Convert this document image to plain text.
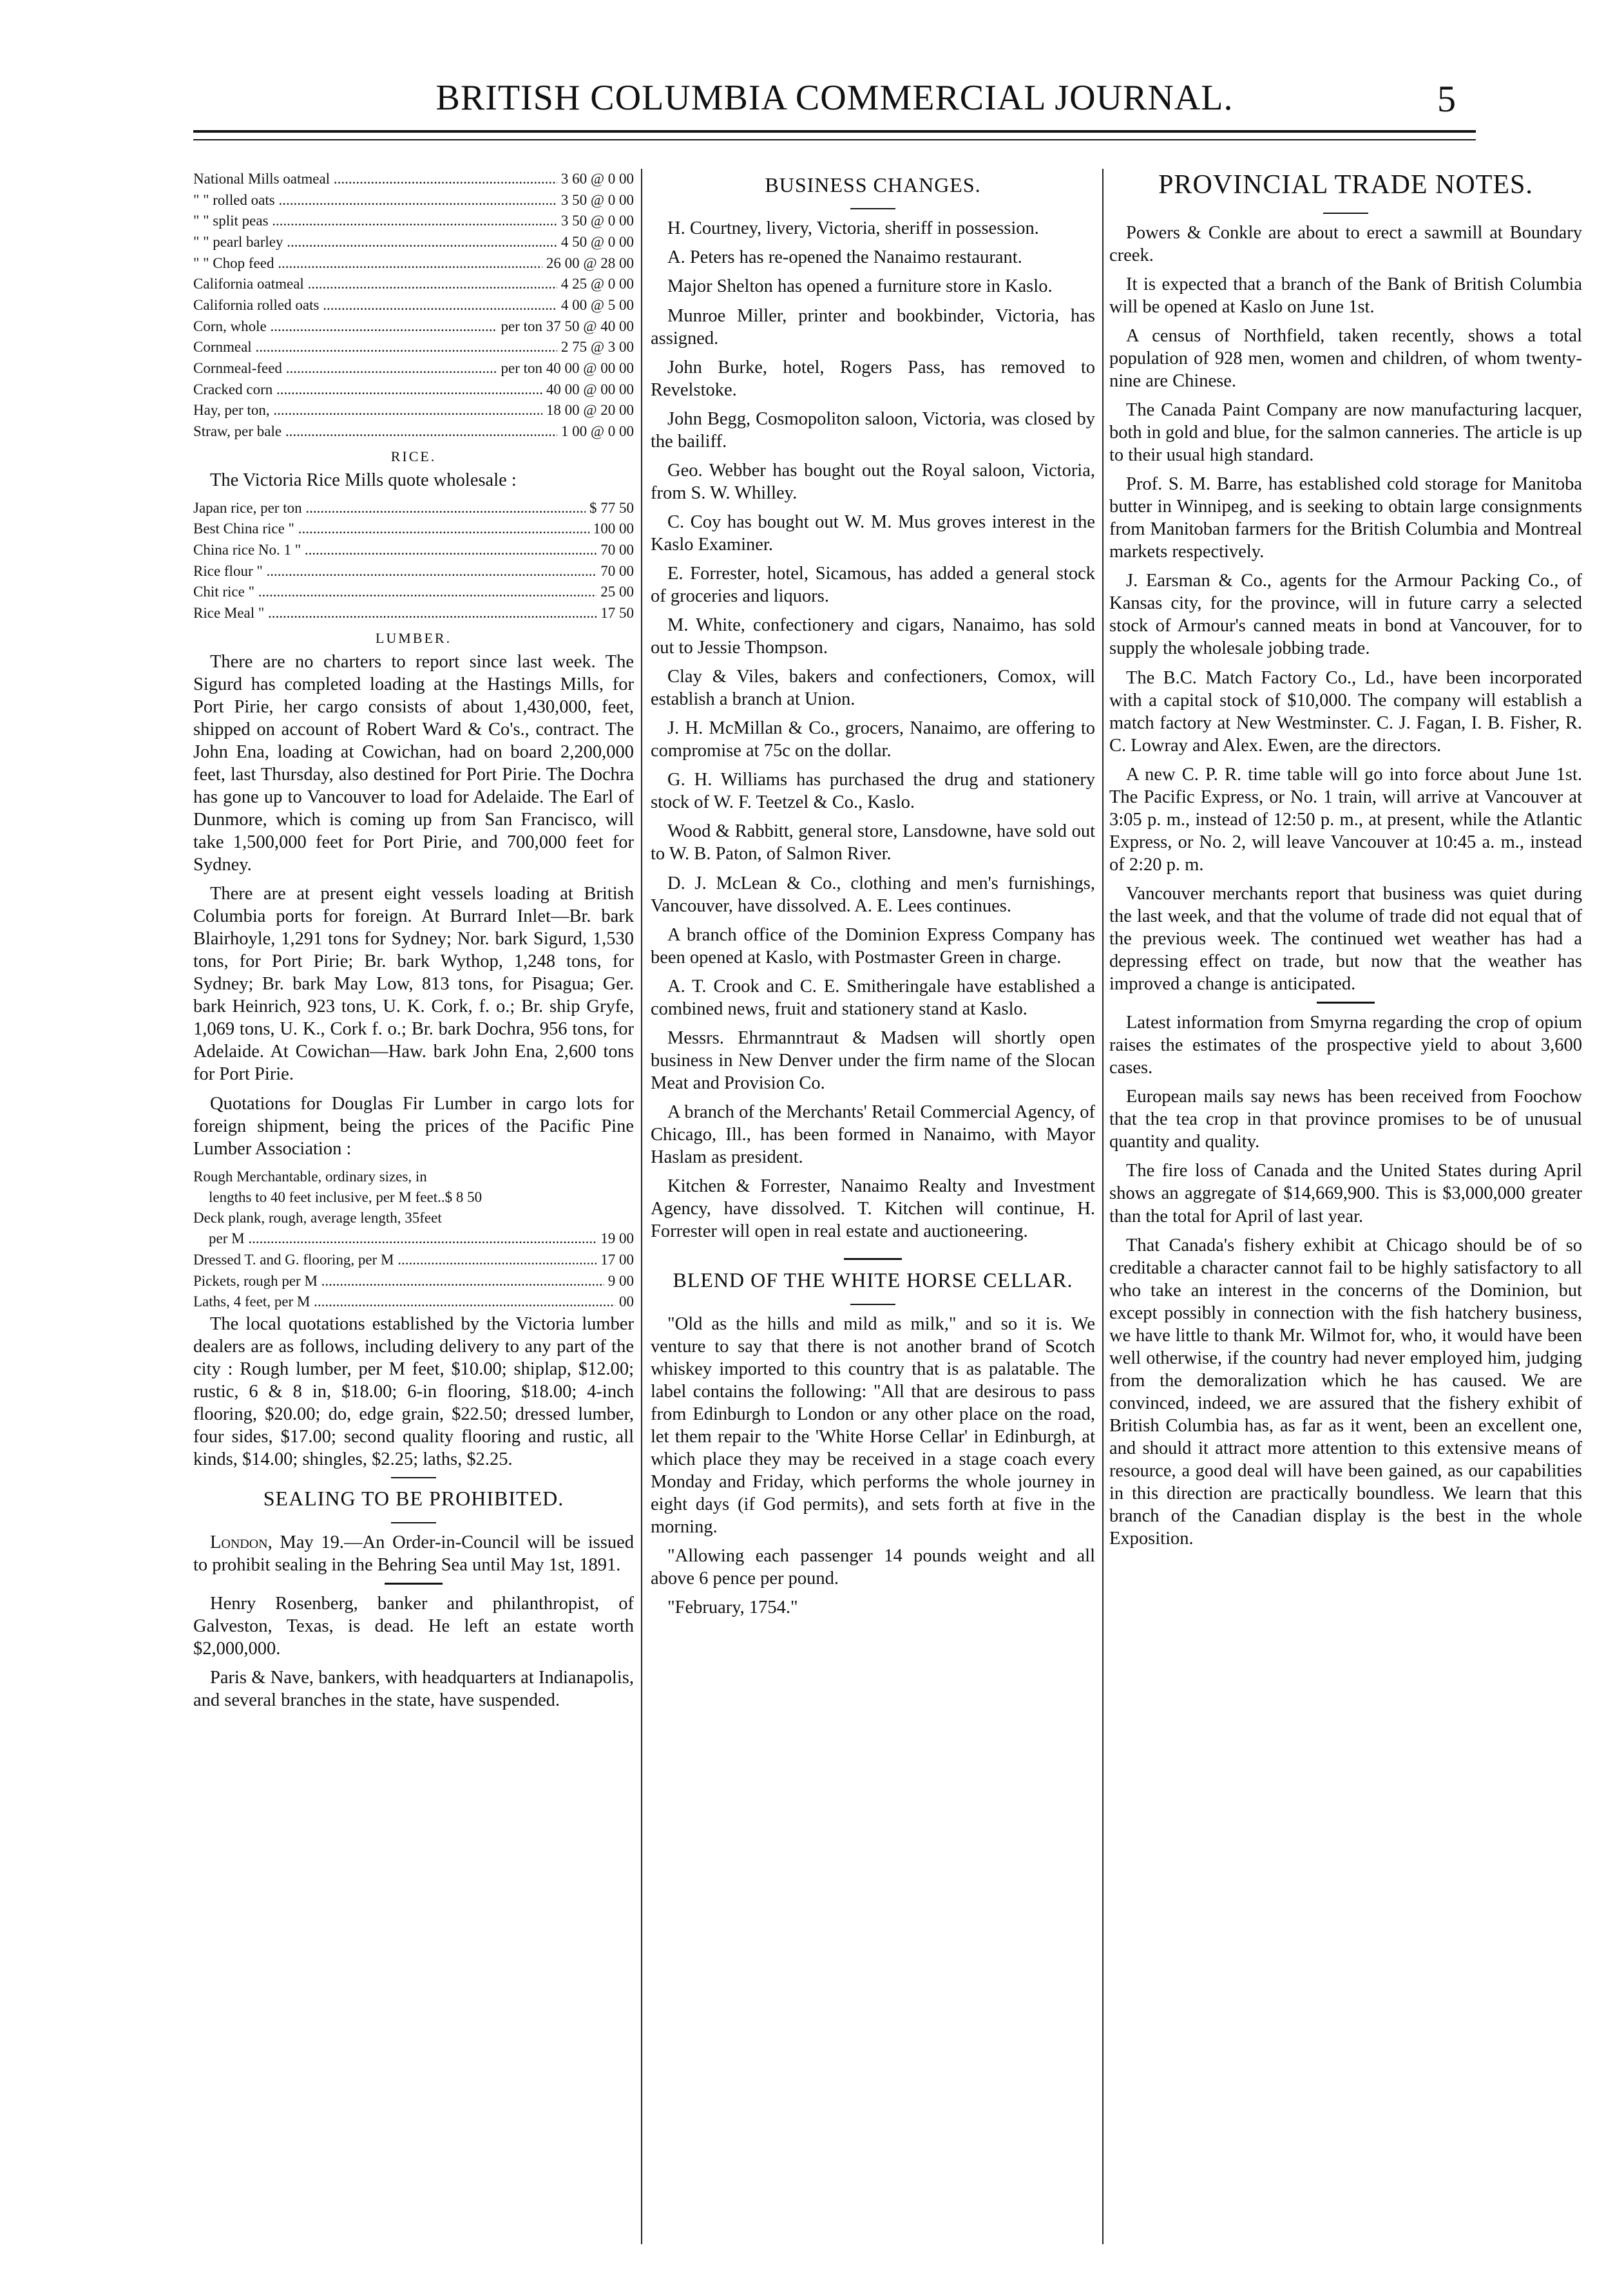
BRITISH COLUMBIA COMMERCIAL JOURNAL.	5
National Mills oatmeal .....	3 60 @ 0 00
" " rolled oats .....	3 50 @ 0 00
" " split peas .....	3 50 @ 0 00
" " pearl barley .....	4 50 @ 0 00
" " Chop feed .....	26 00 @ 28 00
California oatmeal .....	4 25 @ 0 00
California rolled oats .....	4 00 @ 5 00
Corn, whole .....	per ton 37 50 @ 40 00
Cornmeal .....	2 75 @ 3 00
Cornmeal-feed .....	per ton 40 00 @ 00 00
Cracked corn .....	40 00 @ 00 00
Hay, per ton, .....	18 00 @ 20 00
Straw, per bale .....	1 00 @ 0 00
RICE.

The Victoria Rice Mills quote wholesale :

Japan rice, per ton .....	$ 77 50
Best China rice " .....	100 00
China rice No. 1 " .....	70 00
Rice flour " .....	70 00
Chit rice " .....	25 00
Rice Meal " .....	17 50
LUMBER.

There are no charters to report since last week. The Sigurd has completed loading at the Hastings Mills, for Port Pirie, her cargo consists of about 1,430,000, feet, shipped on account of Robert Ward & Co's., contract. The John Ena, loading at Cowichan, had on board 2,200,000 feet, last Thursday, also destined for Port Pirie. The Dochra has gone up to Vancouver to load for Adelaide. The Earl of Dunmore, which is coming up from San Francisco, will take 1,500,000 feet for Port Pirie, and 700,000 feet for Sydney.

There are at present eight vessels loading at British Columbia ports for foreign. At Burrard Inlet—Br. bark Blairhoyle, 1,291 tons for Sydney; Nor. bark Sigurd, 1,530 tons, for Port Pirie; Br. bark Wythop, 1,248 tons, for Sydney; Br. bark May Low, 813 tons, for Pisagua; Ger. bark Heinrich, 923 tons, U. K. Cork, f. o.; Br. ship Gryfe, 1,069 tons, U. K., Cork f. o.; Br. bark Dochra, 956 tons, for Adelaide. At Cowichan—Haw. bark John Ena, 2,600 tons for Port Pirie.

Quotations for Douglas Fir Lumber in cargo lots for foreign shipment, being the prices of the Pacific Pine Lumber Association :

Rough Merchantable, ordinary sizes, in
lengths to 40 feet inclusive, per M feet..$ 8 50
Deck plank, rough, average length, 35feet
per M .....	19 00
Dressed T. and G. flooring, per M .....	17 00
Pickets, rough per M .....	9 00
Laths, 4 feet, per M .....	00

The local quotations established by the Victoria lumber dealers are as follows, including delivery to any part of the city : Rough lumber, per M feet, $10.00; shiplap, $12.00; rustic, 6 & 8 in, $18.00; 6-in flooring, $18.00; 4-inch flooring, $20.00; do, edge grain, $22.50; dressed lumber, four sides, $17.00; second quality flooring and rustic, all kinds, $14.00; shingles, $2.25; laths, $2.25.

SEALING TO BE PROHIBITED.

London, May 19.—An Order-in-Council will be issued to prohibit sealing in the Behring Sea until May 1st, 1891.

Henry Rosenberg, banker and philanthropist, of Galveston, Texas, is dead. He left an estate worth $2,000,000.

Paris & Nave, bankers, with headquarters at Indianapolis, and several branches in the state, have suspended.

BUSINESS CHANGES.

H. Courtney, livery, Victoria, sheriff in possession.

A. Peters has re-opened the Nanaimo restaurant.

Major Shelton has opened a furniture store in Kaslo.

Munroe Miller, printer and bookbinder, Victoria, has assigned.

John Burke, hotel, Rogers Pass, has removed to Revelstoke.

John Begg, Cosmopoliton saloon, Victoria, was closed by the bailiff.

Geo. Webber has bought out the Royal saloon, Victoria, from S. W. Whilley.

C. Coy has bought out W. M. Mus groves interest in the Kaslo Examiner.

E. Forrester, hotel, Sicamous, has added a general stock of groceries and liquors.

M. White, confectionery and cigars, Nanaimo, has sold out to Jessie Thompson.

Clay & Viles, bakers and confectioners, Comox, will establish a branch at Union.

J. H. McMillan & Co., grocers, Nanaimo, are offering to compromise at 75c on the dollar.

G. H. Williams has purchased the drug and stationery stock of W. F. Teetzel & Co., Kaslo.

Wood & Rabbitt, general store, Lansdowne, have sold out to W. B. Paton, of Salmon River.

D. J. McLean & Co., clothing and men's furnishings, Vancouver, have dissolved. A. E. Lees continues.

A branch office of the Dominion Express Company has been opened at Kaslo, with Postmaster Green in charge.

A. T. Crook and C. E. Smitheringale have established a combined news, fruit and stationery stand at Kaslo.

Messrs. Ehrmanntraut & Madsen will shortly open business in New Denver under the firm name of the Slocan Meat and Provision Co.

A branch of the Merchants' Retail Commercial Agency, of Chicago, Ill., has been formed in Nanaimo, with Mayor Haslam as president.

Kitchen & Forrester, Nanaimo Realty and Investment Agency, have dissolved. T. Kitchen will continue, H. Forrester will open in real estate and auctioneering.

BLEND OF THE WHITE HORSE CELLAR.

"Old as the hills and mild as milk," and so it is. We venture to say that there is not another brand of Scotch whiskey imported to this country that is as palatable. The label contains the following: "All that are desirous to pass from Edinburgh to London or any other place on the road, let them repair to the 'White Horse Cellar' in Edinburgh, at which place they may be received in a stage coach every Monday and Friday, which performs the whole journey in eight days (if God permits), and sets forth at five in the morning.

"Allowing each passenger 14 pounds weight and all above 6 pence per pound.

"February, 1754."

PROVINCIAL TRADE NOTES.

Powers & Conkle are about to erect a sawmill at Boundary creek.

It is expected that a branch of the Bank of British Columbia will be opened at Kaslo on June 1st.

A census of Northfield, taken recently, shows a total population of 928 men, women and children, of whom twenty-nine are Chinese.

The Canada Paint Company are now manufacturing lacquer, both in gold and blue, for the salmon canneries. The article is up to their usual high standard.

Prof. S. M. Barre, has established cold storage for Manitoba butter in Winnipeg, and is seeking to obtain large consignments from Manitoban farmers for the British Columbia and Montreal markets respectively.

J. Earsman & Co., agents for the Armour Packing Co., of Kansas city, for the province, will in future carry a selected stock of Armour's canned meats in bond at Vancouver, for to supply the wholesale jobbing trade.

The B.C. Match Factory Co., Ld., have been incorporated with a capital stock of $10,000. The company will establish a match factory at New Westminster. C. J. Fagan, I. B. Fisher, R. C. Lowray and Alex. Ewen, are the directors.

A new C. P. R. time table will go into force about June 1st. The Pacific Express, or No. 1 train, will arrive at Vancouver at 3:05 p. m., instead of 12:50 p. m., at present, while the Atlantic Express, or No. 2, will leave Vancouver at 10:45 a. m., instead of 2:20 p. m.

Vancouver merchants report that business was quiet during the last week, and that the volume of trade did not equal that of the previous week. The continued wet weather has had a depressing effect on trade, but now that the weather has improved a change is anticipated.

Latest information from Smyrna regarding the crop of opium raises the estimates of the prospective yield to about 3,600 cases.

European mails say news has been received from Foochow that the tea crop in that province promises to be of unusual quantity and quality.

The fire loss of Canada and the United States during April shows an aggregate of $14,669,900. This is $3,000,000 greater than the total for April of last year.

That Canada's fishery exhibit at Chicago should be of so creditable a character cannot fail to be highly satisfactory to all who take an interest in the concerns of the Dominion, but except possibly in connection with the fish hatchery business, we have little to thank Mr. Wilmot for, who, it would have been well otherwise, if the country had never employed him, judging from the demoralization which he has caused. We are convinced, indeed, we are assured that the fishery exhibit of British Columbia has, as far as it went, been an excellent one, and should it attract more attention to this extensive means of resource, a good deal will have been gained, as our capabilities in this direction are practically boundless. We learn that this branch of the Canadian display is the best in the whole Exposition.
